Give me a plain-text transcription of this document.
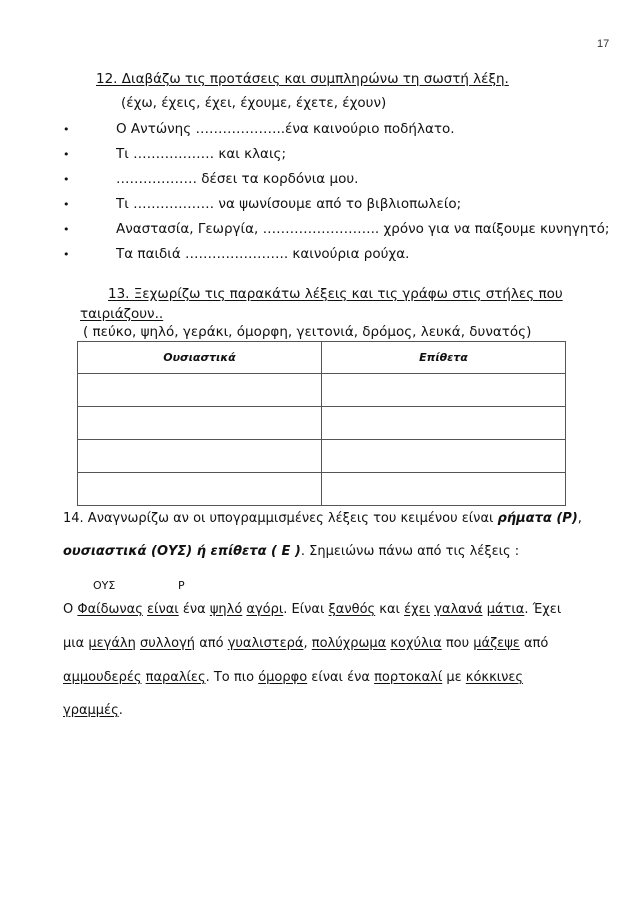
17
12. Διαβάζω τις προτάσεις και συμπληρώνω τη σωστή λέξη.
(έχω, έχεις, έχει, έχουμε, έχετε, έχουν)
•	Ο Αντώνης ………………..ένα καινούριο ποδήλατο.
•	Τι ……………… και κλαις;
•	……………… δέσει τα κορδόνια μου.
•	Τι ……………… να ψωνίσουμε από το βιβλιοπωλείο;
•	Αναστασία, Γεωργία, …………………….. χρόνο για να παίξουμε κυνηγητό;
•	Τα παιδιά ………………….. καινούρια ρούχα.
13. Ξεχωρίζω τις παρακάτω λέξεις και τις γράφω στις στήλες που
ταιριάζουν..
( πεύκο, ψηλό, γεράκι, όμορφη, γειτονιά, δρόμος, λευκά, δυνατός)
Ουσιαστικά	Επίθετα

14. Αναγνωρίζω αν οι υπογραμμισμένες λέξεις του κειμένου είναι ρήματα (Ρ),
ουσιαστικά (ΟΥΣ) ή επίθετα ( Ε ). Σημειώνω πάνω από τις λέξεις :
ΟΥΣ	Ρ
Ο Φαίδωνας είναι ένα ψηλό αγόρι. Είναι ξανθός και έχει γαλανά μάτια. Έχει
μια μεγάλη συλλογή από γυαλιστερά, πολύχρωμα κοχύλια που μάζεψε από
αμμουδερές παραλίες. Το πιο όμορφο είναι ένα πορτοκαλί με κόκκινες
γραμμές.
